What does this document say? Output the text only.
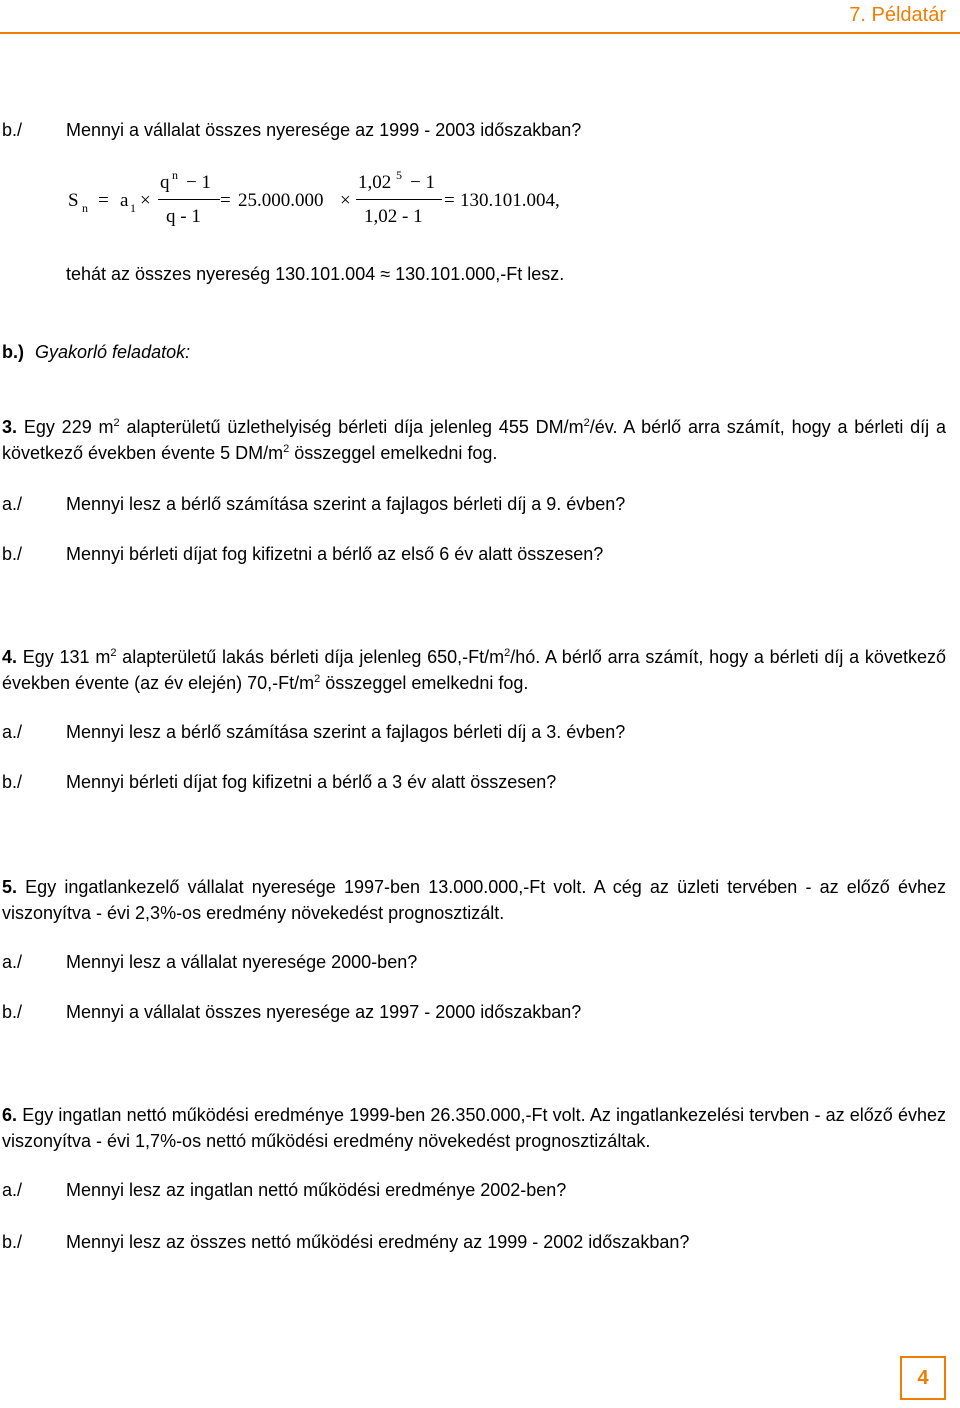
7. Példatár
b./ Mennyi a vállalat összes nyeresége az 1999 - 2003 időszakban?
S n = a 1 ×
q n − 1
q - 1
= 25.000.000 ×
1,02 5 − 1
1,02 - 1
= 130.101.004,
tehát az összes nyereség 130.101.004 ≈ 130.101.000,-Ft lesz.
b.) Gyakorló feladatok:
3. Egy 229 $m^2$ alapterületű üzlethelyiség bérleti díja jelenleg 455 $DM/m^2/év$. A bérlő arra számít, hogy a bérleti díj a következő években évente 5 $DM/m^2$ összeggel emelkedni fog.
a./ Mennyi lesz a bérlő számítása szerint a fajlagos bérleti díj a 9. évben?
b./ Mennyi bérleti díjat fog kifizetni a bérlő az első 6 év alatt összesen?
4. Egy 131 $m^2$ alapterületű lakás bérleti díja jelenleg $650,-Ft/m^2/hó$. A bérlő arra számít, hogy a bérleti díj a következő években évente (az év elején) $70,-Ft/m^2$ összeggel emelkedni fog.
a./ Mennyi lesz a bérlő számítása szerint a fajlagos bérleti díj a 3. évben?
b./ Mennyi bérleti díjat fog kifizetni a bérlő a 3 év alatt összesen?
5. Egy ingatlankezelő vállalat nyeresége 1997-ben 13.000.000,-Ft volt. A cég az üzleti tervében - az előző évhez viszonyítva - évi 2,3%-os eredmény növekedést prognosztizált.
a./ Mennyi lesz a vállalat nyeresége 2000-ben?
b./ Mennyi a vállalat összes nyeresége az 1997 - 2000 időszakban?
6. Egy ingatlan nettó működési eredménye 1999-ben 26.350.000,-Ft volt. Az ingatlankezelési tervben - az előző évhez viszonyítva - évi 1,7%-os nettó működési eredmény növekedést prognosztizáltak.
a./ Mennyi lesz az ingatlan nettó működési eredménye 2002-ben?
b./ Mennyi lesz az összes nettó működési eredmény az 1999 - 2002 időszakban?
4
